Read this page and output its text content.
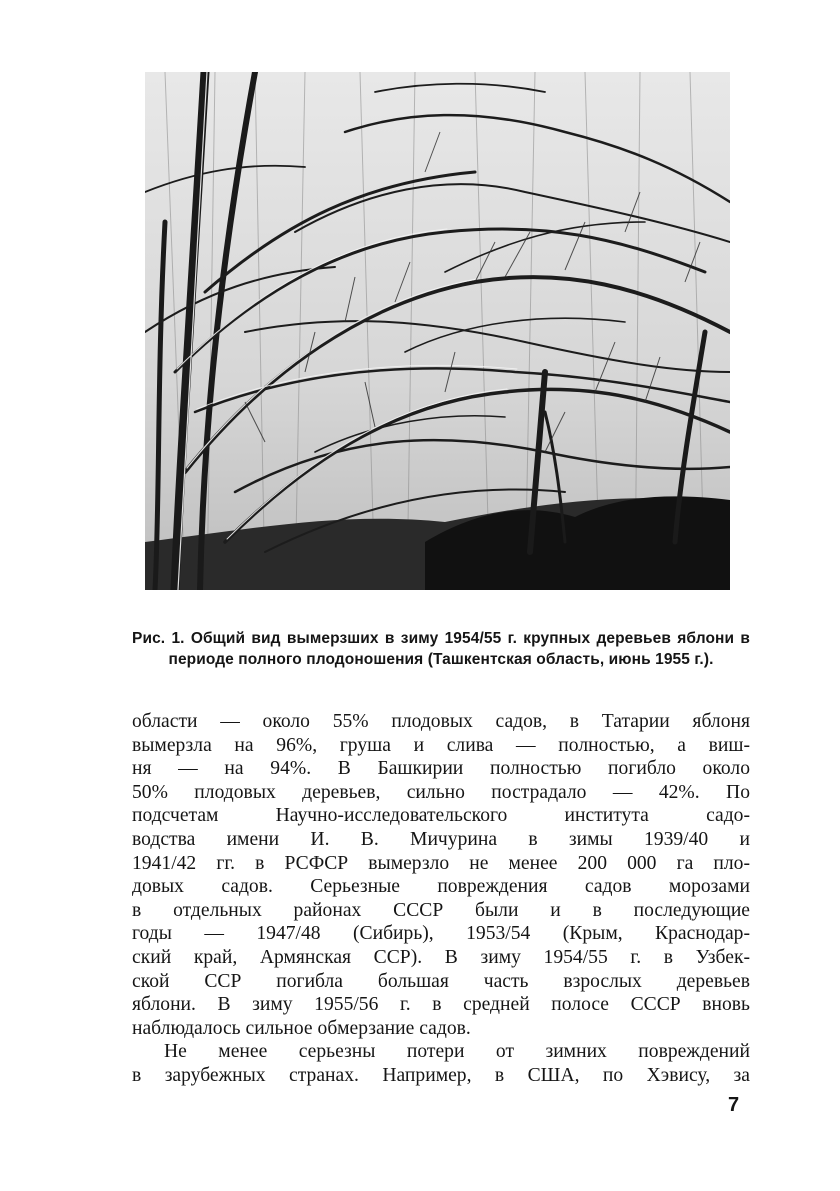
Рис. 1. Общий вид вымерзших в зиму 1954/55 г. крупных деревьев яблони в периоде полного плодоношения (Ташкентская область, июнь 1955 г.).

области — около 55% плодовых садов, в Татарии яблоня
вымерзла на 96%, груша и слива — полностью, а виш-
ня — на 94%. В Башкирии полностью погибло около
50% плодовых деревьев, сильно пострадало — 42%. По
подсчетам Научно-исследовательского института садо-
водства имени И. В. Мичурина в зимы 1939/40 и
1941/42 гг. в РСФСР вымерзло не менее 200 000 га пло-
довых садов. Серьезные повреждения садов морозами
в отдельных районах СССР были и в последующие
годы — 1947/48 (Сибирь), 1953/54 (Крым, Краснодар-
ский край, Армянская ССР). В зиму 1954/55 г. в Узбек-
ской ССР погибла большая часть взрослых деревьев
яблони. В зиму 1955/56 г. в средней полосе СССР вновь
наблюдалось сильное обмерзание садов.

Не менее серьезны потери от зимних повреждений
в зарубежных странах. Например, в США, по Хэвису, за

7
